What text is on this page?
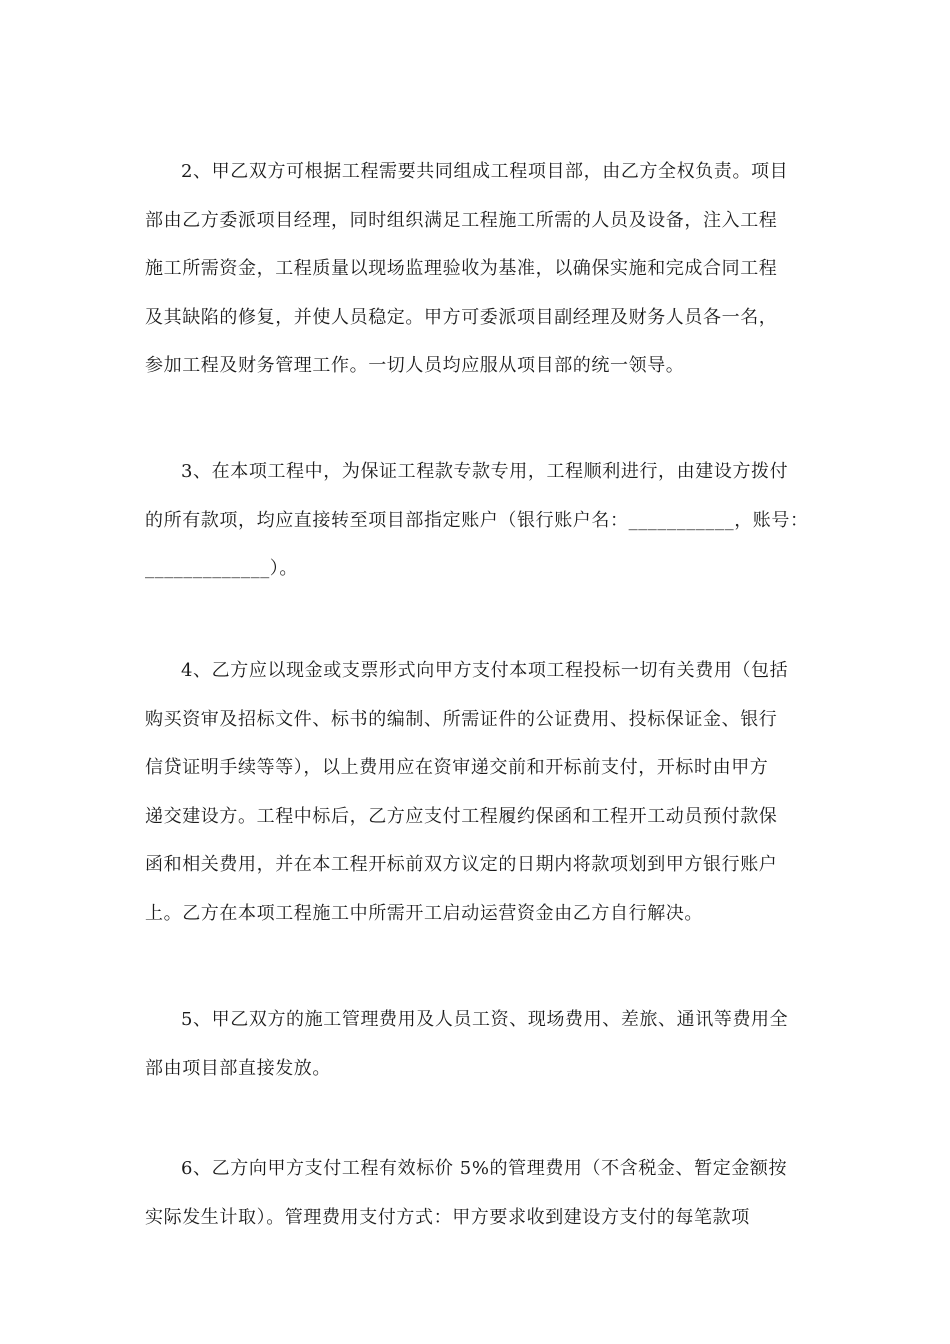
2、甲乙双方可根据工程需要共同组成工程项目部，由乙方全权负责。项目
部由乙方委派项目经理，同时组织满足工程施工所需的人员及设备，注入工程
施工所需资金，工程质量以现场监理验收为基准，以确保实施和完成合同工程
及其缺陷的修复，并使人员稳定。甲方可委派项目副经理及财务人员各一名，
参加工程及财务管理工作。一切人员均应服从项目部的统一领导。
3、在本项工程中，为保证工程款专款专用，工程顺利进行，由建设方拨付
的所有款项，均应直接转至项目部指定账户（银行账户名：___________，账号：
_____________）。
4、乙方应以现金或支票形式向甲方支付本项工程投标一切有关费用（包括
购买资审及招标文件、标书的编制、所需证件的公证费用、投标保证金、银行
信贷证明手续等等），以上费用应在资审递交前和开标前支付，开标时由甲方
递交建设方。工程中标后，乙方应支付工程履约保函和工程开工动员预付款保
函和相关费用，并在本工程开标前双方议定的日期内将款项划到甲方银行账户
上。乙方在本项工程施工中所需开工启动运营资金由乙方自行解决。
5、甲乙双方的施工管理费用及人员工资、现场费用、差旅、通讯等费用全
部由项目部直接发放。
6、乙方向甲方支付工程有效标价 5%的管理费用（不含税金、暂定金额按
实际发生计取）。管理费用支付方式：甲方要求收到建设方支付的每笔款项
